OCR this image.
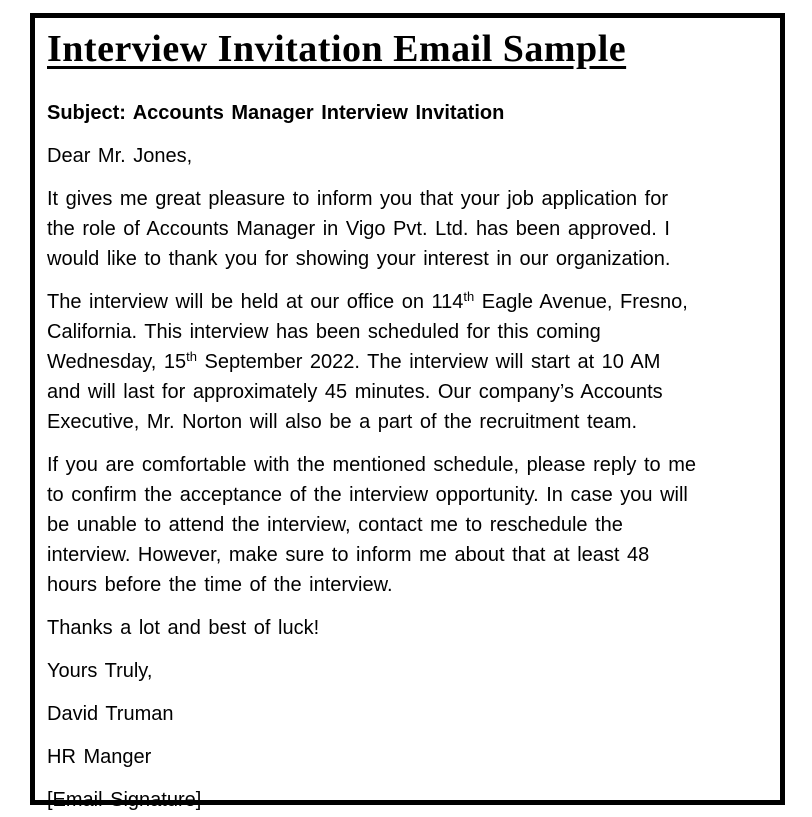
Interview Invitation Email Sample
Subject: Accounts Manager Interview Invitation
Dear Mr. Jones,
It gives me great pleasure to inform you that your job application for
the role of Accounts Manager in Vigo Pvt. Ltd. has been approved. I
would like to thank you for showing your interest in our organization.
The interview will be held at our office on 114th Eagle Avenue, Fresno,
California. This interview has been scheduled for this coming
Wednesday, 15th September 2022. The interview will start at 10 AM
and will last for approximately 45 minutes. Our company’s Accounts
Executive, Mr. Norton will also be a part of the recruitment team.
If you are comfortable with the mentioned schedule, please reply to me
to confirm the acceptance of the interview opportunity. In case you will
be unable to attend the interview, contact me to reschedule the
interview. However, make sure to inform me about that at least 48
hours before the time of the interview.
Thanks a lot and best of luck!
Yours Truly,
David Truman
HR Manger
[Email Signature]
